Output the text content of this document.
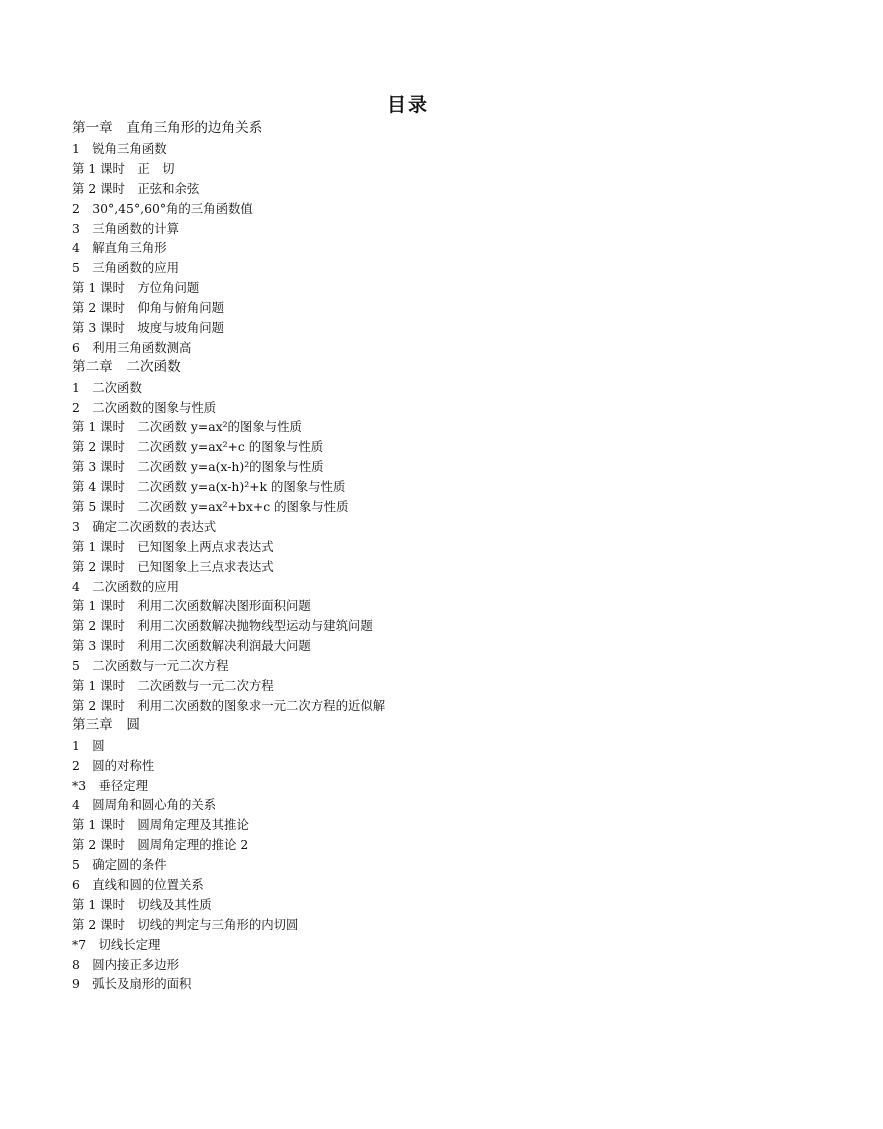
目录
第一章　直角三角形的边角关系
1　锐角三角函数
第 1 课时　正　切
第 2 课时　正弦和余弦
2　30°,45°,60°角的三角函数值
3　三角函数的计算
4　解直角三角形
5　三角函数的应用
第 1 课时　方位角问题
第 2 课时　仰角与俯角问题
第 3 课时　坡度与坡角问题
6　利用三角函数测高
第二章　二次函数
1　二次函数
2　二次函数的图象与性质
第 1 课时　二次函数 y=ax²的图象与性质
第 2 课时　二次函数 y=ax²+c 的图象与性质
第 3 课时　二次函数 y=a(x-h)²的图象与性质
第 4 课时　二次函数 y=a(x-h)²+k 的图象与性质
第 5 课时　二次函数 y=ax²+bx+c 的图象与性质
3　确定二次函数的表达式
第 1 课时　已知图象上两点求表达式
第 2 课时　已知图象上三点求表达式
4　二次函数的应用
第 1 课时　利用二次函数解决图形面积问题
第 2 课时　利用二次函数解决抛物线型运动与建筑问题
第 3 课时　利用二次函数解决利润最大问题
5　二次函数与一元二次方程
第 1 课时　二次函数与一元二次方程
第 2 课时　利用二次函数的图象求一元二次方程的近似解
第三章　圆
1　圆
2　圆的对称性
*3　垂径定理
4　圆周角和圆心角的关系
第 1 课时　圆周角定理及其推论
第 2 课时　圆周角定理的推论 2
5　确定圆的条件
6　直线和圆的位置关系
第 1 课时　切线及其性质
第 2 课时　切线的判定与三角形的内切圆
*7　切线长定理
8　圆内接正多边形
9　弧长及扇形的面积
